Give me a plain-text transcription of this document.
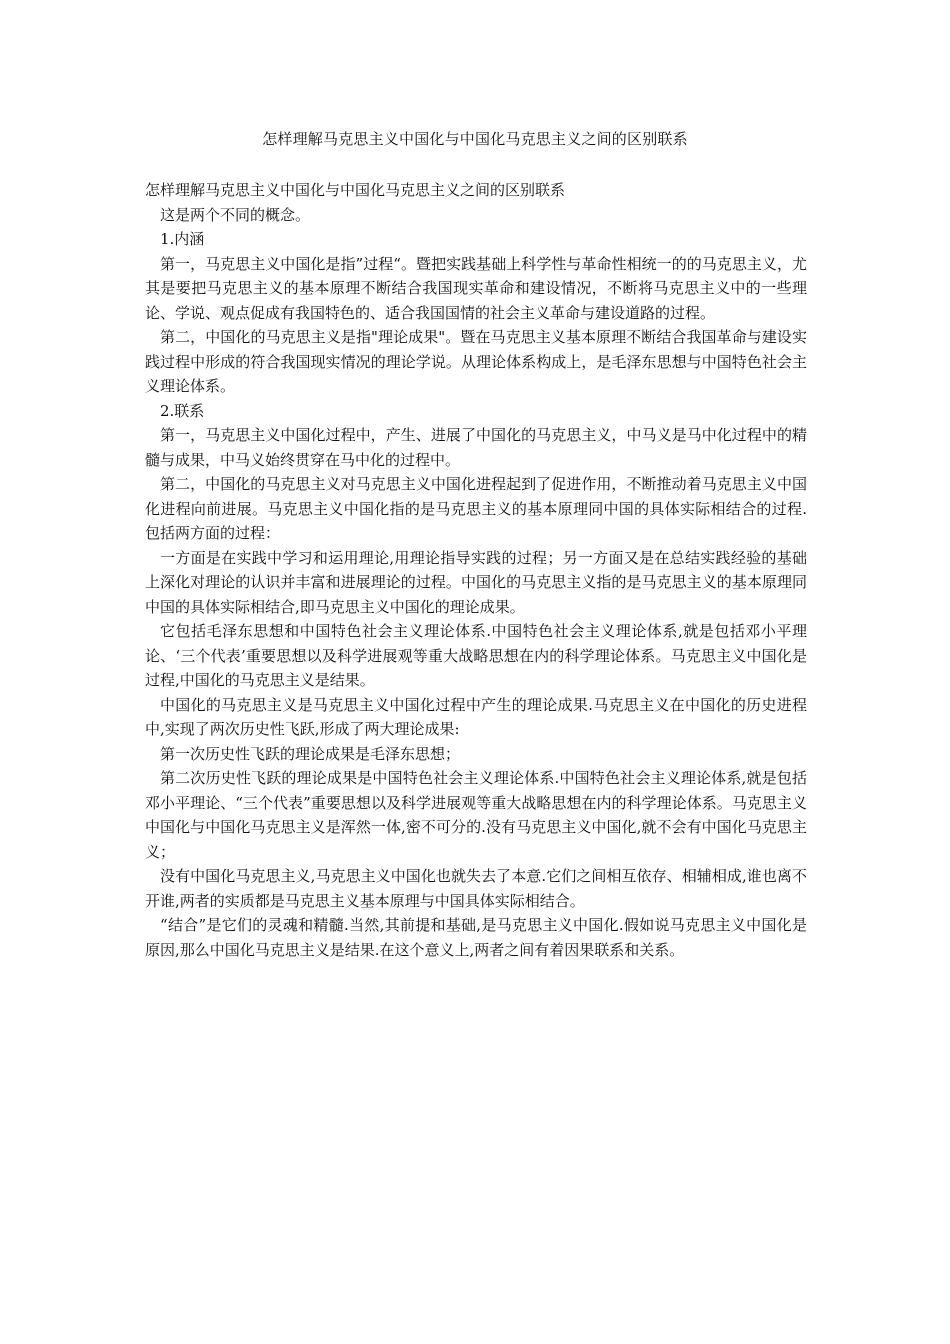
怎样理解马克思主义中国化与中国化马克思主义之间的区别联系

怎样理解马克思主义中国化与中国化马克思主义之间的区别联系

这是两个不同的概念。

1.内涵

第一，马克思主义中国化是指”过程“。暨把实践基础上科学性与革命性相统一的的马克思主义，尤其是要把马克思主义的基本原理不断结合我国现实革命和建设情况，不断将马克思主义中的一些理论、学说、观点促成有我国特色的、适合我国国情的社会主义革命与建设道路的过程。

第二，中国化的马克思主义是指"理论成果"。暨在马克思主义基本原理不断结合我国革命与建设实践过程中形成的符合我国现实情况的理论学说。从理论体系构成上，是毛泽东思想与中国特色社会主义理论体系。

2.联系

第一，马克思主义中国化过程中，产生、进展了中国化的马克思主义，中马义是马中化过程中的精髓与成果，中马义始终贯穿在马中化的过程中。

第二，中国化的马克思主义对马克思主义中国化进程起到了促进作用，不断推动着马克思主义中国化进程向前进展。马克思主义中国化指的是马克思主义的基本原理同中国的具体实际相结合的过程.包括两方面的过程：

一方面是在实践中学习和运用理论,用理论指导实践的过程；另一方面又是在总结实践经验的基础上深化对理论的认识并丰富和进展理论的过程。中国化的马克思主义指的是马克思主义的基本原理同中国的具体实际相结合,即马克思主义中国化的理论成果。

它包括毛泽东思想和中国特色社会主义理论体系.中国特色社会主义理论体系,就是包括邓小平理论、‘三个代表’重要思想以及科学进展观等重大战略思想在内的科学理论体系。马克思主义中国化是过程,中国化的马克思主义是结果。

中国化的马克思主义是马克思主义中国化过程中产生的理论成果.马克思主义在中国化的历史进程中,实现了两次历史性飞跃,形成了两大理论成果:

第一次历史性飞跃的理论成果是毛泽东思想；

第二次历史性飞跃的理论成果是中国特色社会主义理论体系.中国特色社会主义理论体系,就是包括邓小平理论、“三个代表”重要思想以及科学进展观等重大战略思想在内的科学理论体系。马克思主义中国化与中国化马克思主义是浑然一体,密不可分的.没有马克思主义中国化,就不会有中国化马克思主义；

没有中国化马克思主义,马克思主义中国化也就失去了本意.它们之间相互依存、相辅相成,谁也离不开谁,两者的实质都是马克思主义基本原理与中国具体实际相结合。

“结合”是它们的灵魂和精髓.当然,其前提和基础,是马克思主义中国化.假如说马克思主义中国化是原因,那么中国化马克思主义是结果.在这个意义上,两者之间有着因果联系和关系。
